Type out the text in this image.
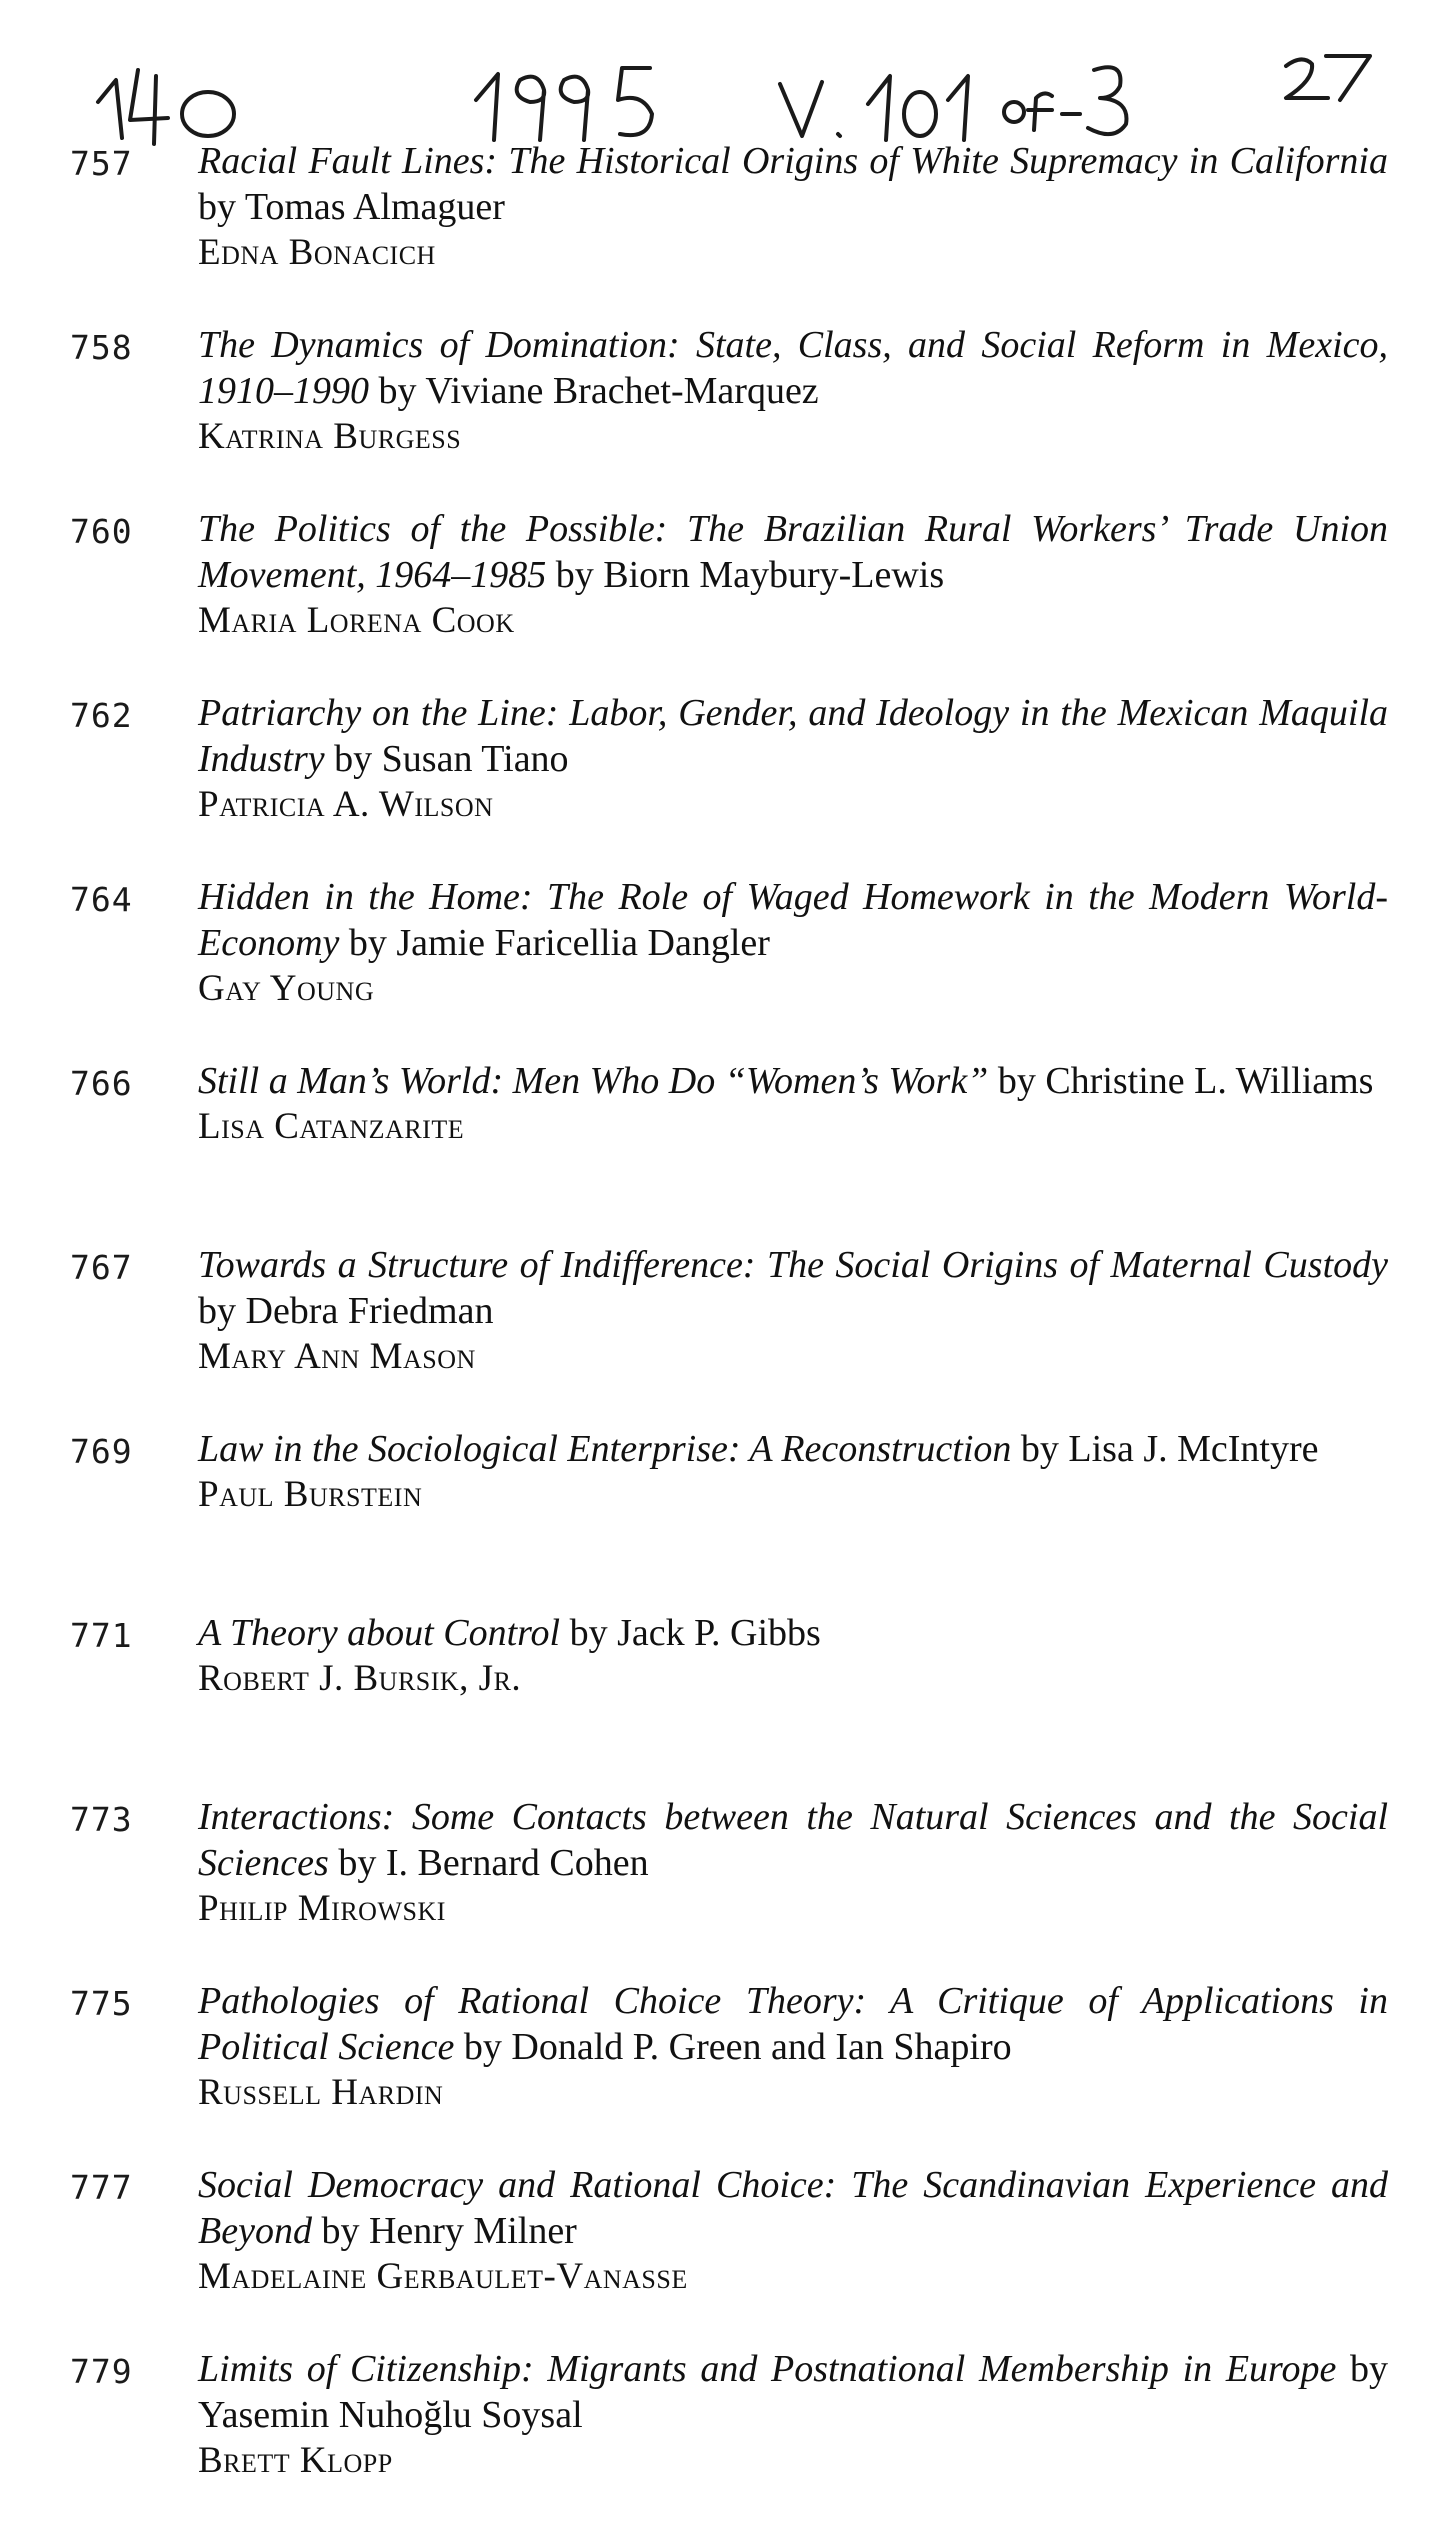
757	Racial Fault Lines: The Historical Origins of White Supremacy in California by Tomas Almaguer
Edna Bonacich
758	The Dynamics of Domination: State, Class, and Social Reform in Mexico, 1910–1990 by Viviane Brachet-Marquez
Katrina Burgess
760	The Politics of the Possible: The Brazilian Rural Workers’ Trade Union Movement, 1964–1985 by Biorn Maybury-Lewis
Maria Lorena Cook
762	Patriarchy on the Line: Labor, Gender, and Ideology in the Mexican Maquila Industry by Susan Tiano
Patricia A. Wilson
764	Hidden in the Home: The Role of Waged Homework in the Modern World-Economy by Jamie Faricellia Dangler
Gay Young
766	Still a Man’s World: Men Who Do “Women’s Work” by Christine L. Williams
Lisa Catanzarite
767	Towards a Structure of Indifference: The Social Origins of Maternal Custody by Debra Friedman
Mary Ann Mason
769	Law in the Sociological Enterprise: A Reconstruction by Lisa J. McIntyre
Paul Burstein
771	A Theory about Control by Jack P. Gibbs
Robert J. Bursik, Jr.
773	Interactions: Some Contacts between the Natural Sciences and the Social Sciences by I. Bernard Cohen
Philip Mirowski
775	Pathologies of Rational Choice Theory: A Critique of Applications in Political Science by Donald P. Green and Ian Shapiro
Russell Hardin
777	Social Democracy and Rational Choice: The Scandinavian Experience and Beyond by Henry Milner
Madelaine Gerbaulet-Vanasse
779	Limits of Citizenship: Migrants and Postnational Membership in Europe by Yasemin Nuhoğlu Soysal
Brett Klopp
